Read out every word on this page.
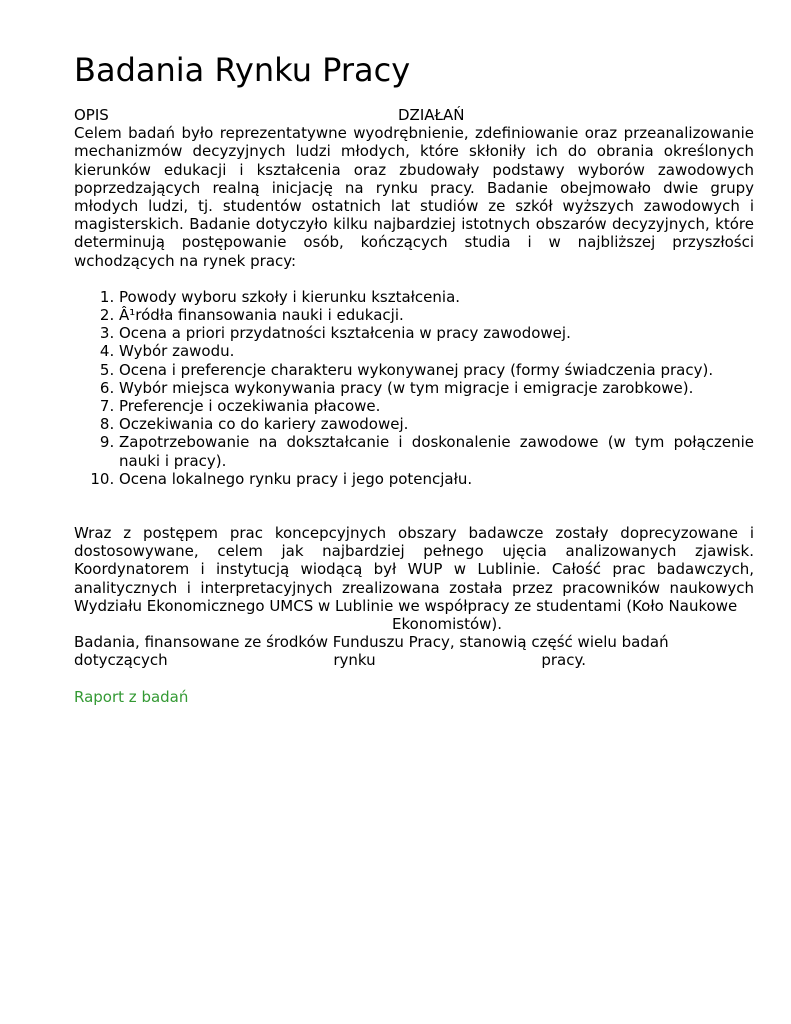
Badania Rynku Pracy
OPIS	DZIAŁAŃ

Celem badań było reprezentatywne wyodrębnienie, zdefiniowanie oraz przeanalizowanie mechanizmów decyzyjnych ludzi młodych, które skłoniły ich do obrania określonych kierunków edukacji i kształcenia oraz zbudowały podstawy wyborów zawodowych poprzedzających realną inicjację na rynku pracy. Badanie obejmowało dwie grupy młodych ludzi, tj. studentów ostatnich lat studiów ze szkół wyższych zawodowych i magisterskich. Badanie dotyczyło kilku najbardziej istotnych obszarów decyzyjnych, które determinują postępowanie osób, kończących studia i w najbliższej przyszłości wchodzących na rynek pracy:

1. Powody wyboru szkoły i kierunku kształcenia.
2. Â¹ródła finansowania nauki i edukacji.
3. Ocena a priori przydatności kształcenia w pracy zawodowej.
4. Wybór zawodu.
5. Ocena i preferencje charakteru wykonywanej pracy (formy świadczenia pracy).
6. Wybór miejsca wykonywania pracy (w tym migracje i emigracje zarobkowe).
7. Preferencje i oczekiwania płacowe.
8. Oczekiwania co do kariery zawodowej.
9. Zapotrzebowanie na dokształcanie i doskonalenie zawodowe (w tym połączenie nauki i pracy).
10. Ocena lokalnego rynku pracy i jego potencjału.

Wraz z postępem prac koncepcyjnych obszary badawcze zostały doprecyzowane i dostosowywane, celem jak najbardziej pełnego ujęcia analizowanych zjawisk. Koordynatorem i instytucją wiodącą był WUP w Lublinie. Całość prac badawczych, analitycznych i interpretacyjnych zrealizowana została przez pracowników naukowych Wydziału Ekonomicznego UMCS w Lublinie we współpracy ze studentami (Koło Naukowe

Ekonomistów).

Badania, finansowane ze środków Funduszu Pracy, stanowią część wielu badań

dotyczących	rynku	pracy.
Raport z badań
